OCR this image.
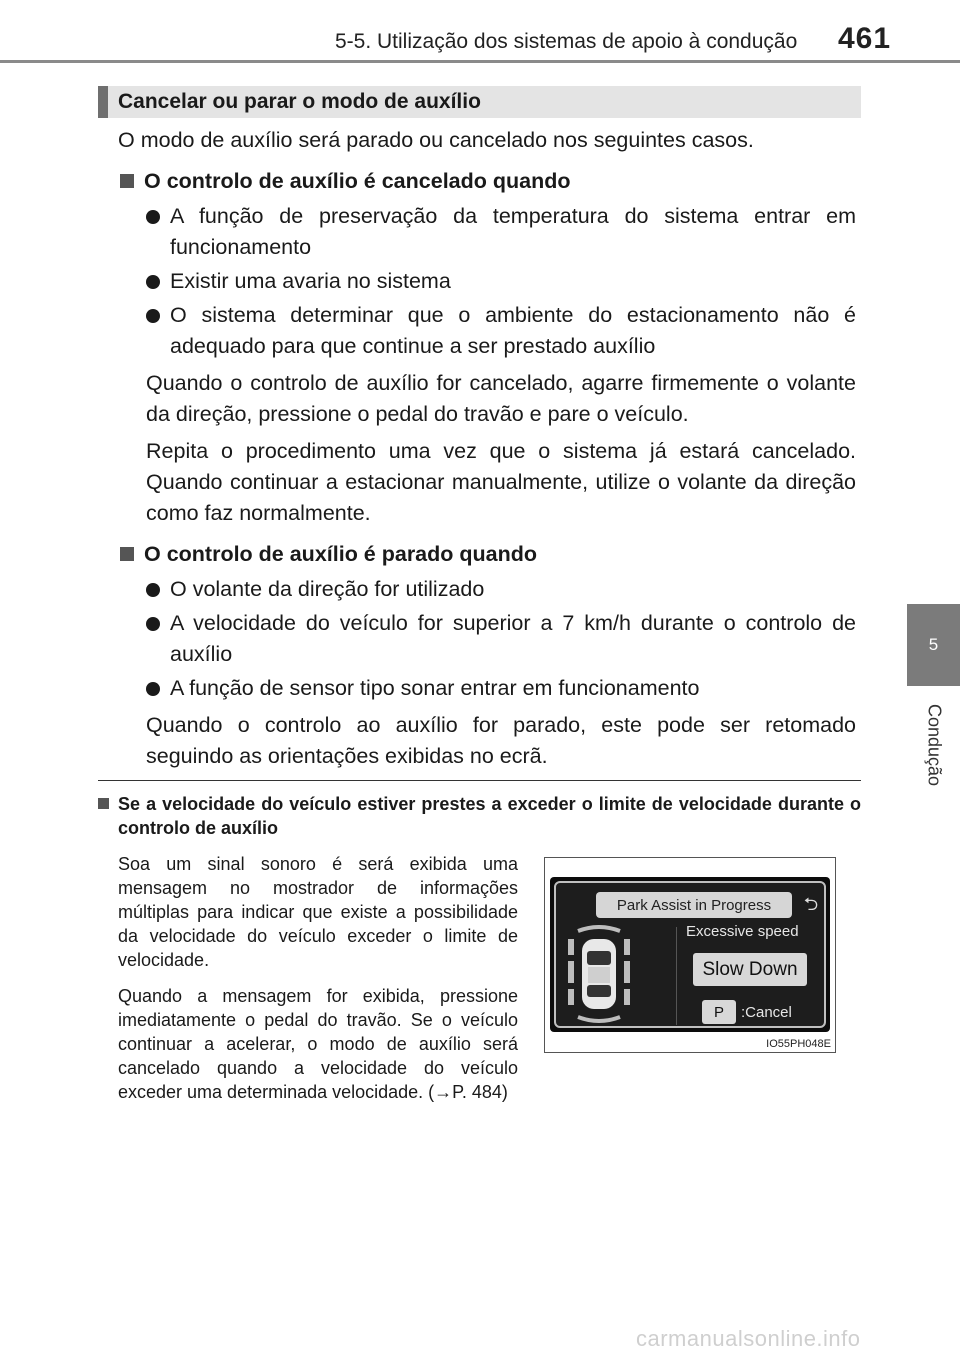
5-5. Utilização dos sistemas de apoio à condução 461
5
Condução
Cancelar ou parar o modo de auxílio

O modo de auxílio será parado ou cancelado nos seguintes casos.

O controlo de auxílio é cancelado quando
A função de preservação da temperatura do sistema entrar em funcionamento
Existir uma avaria no sistema
O sistema determinar que o ambiente do estacionamento não é adequado para que continue a ser prestado auxílio

Quando o controlo de auxílio for cancelado, agarre firmemente o volante da direção, pressione o pedal do travão e pare o veículo.

Repita o procedimento uma vez que o sistema já estará cancelado. Quando continuar a estacionar manualmente, utilize o volante da direção como faz normalmente.

O controlo de auxílio é parado quando
O volante da direção for utilizado
A velocidade do veículo for superior a 7 km/h durante o controlo de auxílio
A função de sensor tipo sonar entrar em funcionamento

Quando o controlo ao auxílio for parado, este pode ser retomado seguindo as orientações exibidas no ecrã.

Se a velocidade do veículo estiver prestes a exceder o limite de velocidade durante o controlo de auxílio

Soa um sinal sonoro é será exibida uma mensagem no mostrador de informações múltiplas para indicar que existe a possibilidade da velocidade do veículo exceder o limite de velocidade.

Quando a mensagem for exibida, pressione imediatamente o pedal do travão. Se o veículo continuar a acelerar, o modo de auxílio será cancelado quando a velocidade do veículo exceder uma determinada velocidade. (→P. 484)

Park Assist in Progress	⮌
Excessive speed
Slow Down
P	:Cancel
IO55PH048E
carmanualsonline.info
